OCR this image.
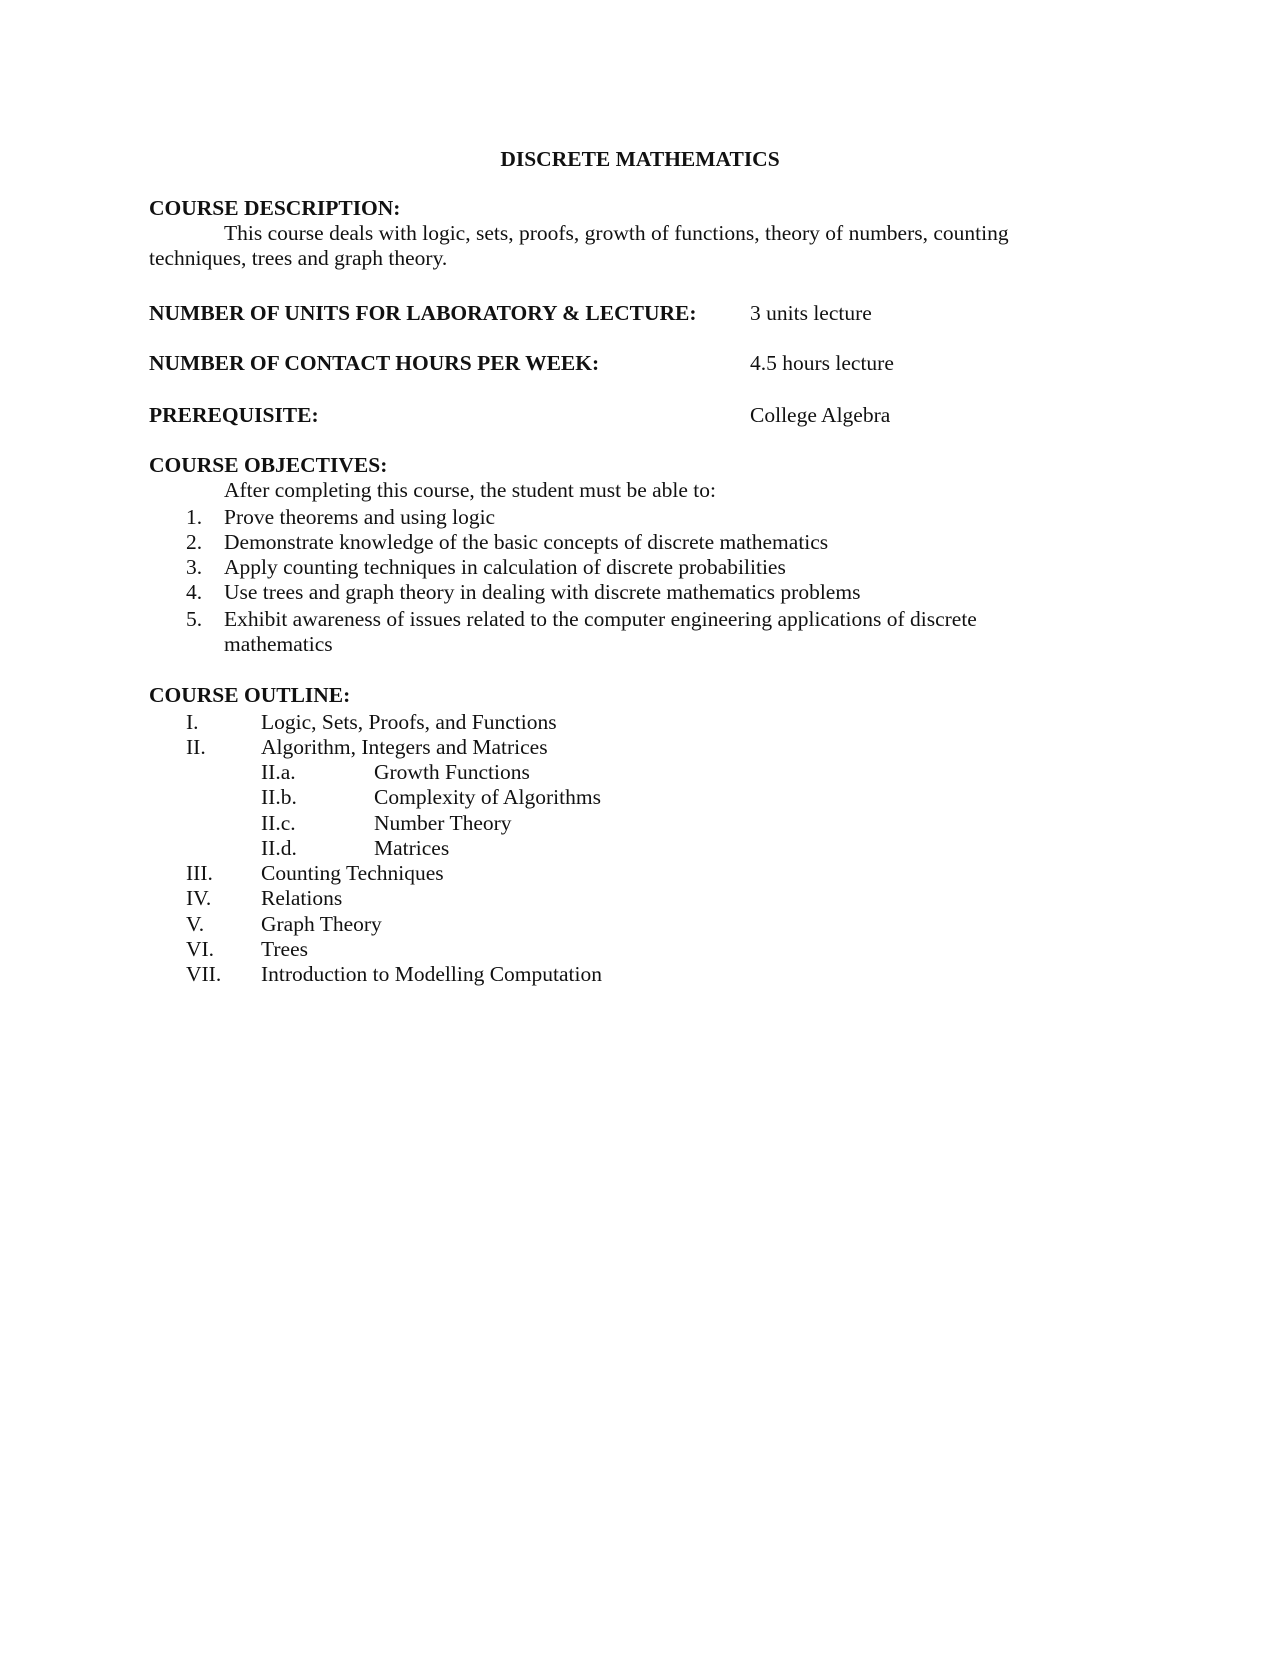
DISCRETE MATHEMATICS
COURSE DESCRIPTION:
This course deals with logic, sets, proofs, growth of functions, theory of numbers, counting techniques, trees and graph theory.
NUMBER OF UNITS FOR LABORATORY & LECTURE: 3 units lecture
NUMBER OF CONTACT HOURS PER WEEK:	4.5 hours lecture
PREREQUISITE:	College Algebra
COURSE OBJECTIVES:
After completing this course, the student must be able to:
1.	Prove theorems and using logic
2.	Demonstrate knowledge of the basic concepts of discrete mathematics
3.	Apply counting techniques in calculation of discrete probabilities
4.	Use trees and graph theory in dealing with discrete mathematics problems
5.	Exhibit awareness of issues related to the computer engineering applications of discrete mathematics
COURSE OUTLINE:
I.	Logic, Sets, Proofs, and Functions
II.	Algorithm, Integers and Matrices
II.a.	Growth Functions
II.b.	Complexity of Algorithms
II.c.	Number Theory
II.d.	Matrices
III. Counting Techniques
IV. Relations
V.	Graph Theory
VI. Trees
VII. Introduction to Modelling Computation
